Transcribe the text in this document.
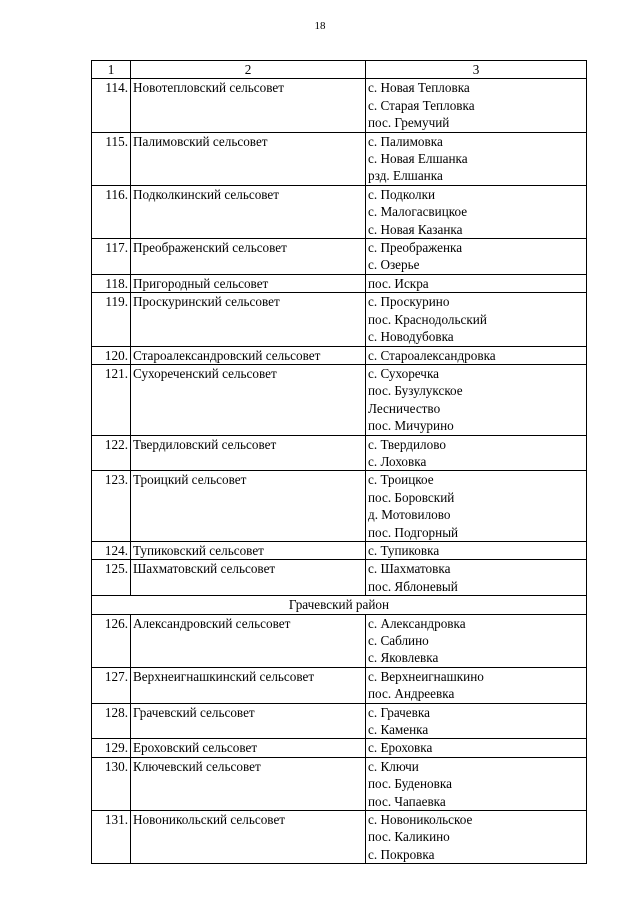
18
1	2	3
114.	Новотепловский сельсовет	с. Новая Тепловка
с. Старая Тепловка
пос. Гремучий

115.	Палимовский сельсовет	с. Палимовка
с. Новая Елшанка
рзд. Елшанка

116.	Подколкинский сельсовет	с. Подколки
с. Малогасвицкое
с. Новая Казанка

117.	Преображенский сельсовет	с. Преображенка
с. Озерье

118.	Пригородный сельсовет	пос. Искра

119.	Проскуринский сельсовет	с. Проскурино
пос. Краснодольский
с. Новодубовка

120.	Староалександровский сельсовет	с. Староалександровка

121.	Сухореченский сельсовет	с. Сухоречка
пос. Бузулукское
Лесничество
пос. Мичурино

122.	Твердиловский сельсовет	с. Твердилово
с. Лоховка

123.	Троицкий сельсовет	с. Троицкое
пос. Боровский
д. Мотовилово
пос. Подгорный

124.	Тупиковский сельсовет	с. Тупиковка

125.	Шахматовский сельсовет	с. Шахматовка
пос. Яблоневый

Грачевский район		
126.	Александровский сельсовет	с. Александровка
с. Саблино
с. Яковлевка

127.	Верхнеигнашкинский сельсовет	с. Верхнеигнашкино
пос. Андреевка

128.	Грачевский сельсовет	с. Грачевка
с. Каменка

129.	Ероховский сельсовет	с. Ероховка

130.	Ключевский сельсовет	с. Ключи
пос. Буденовка
пос. Чапаевка

131.	Новоникольский сельсовет	с. Новоникольское
пос. Каликино
с. Покровка
